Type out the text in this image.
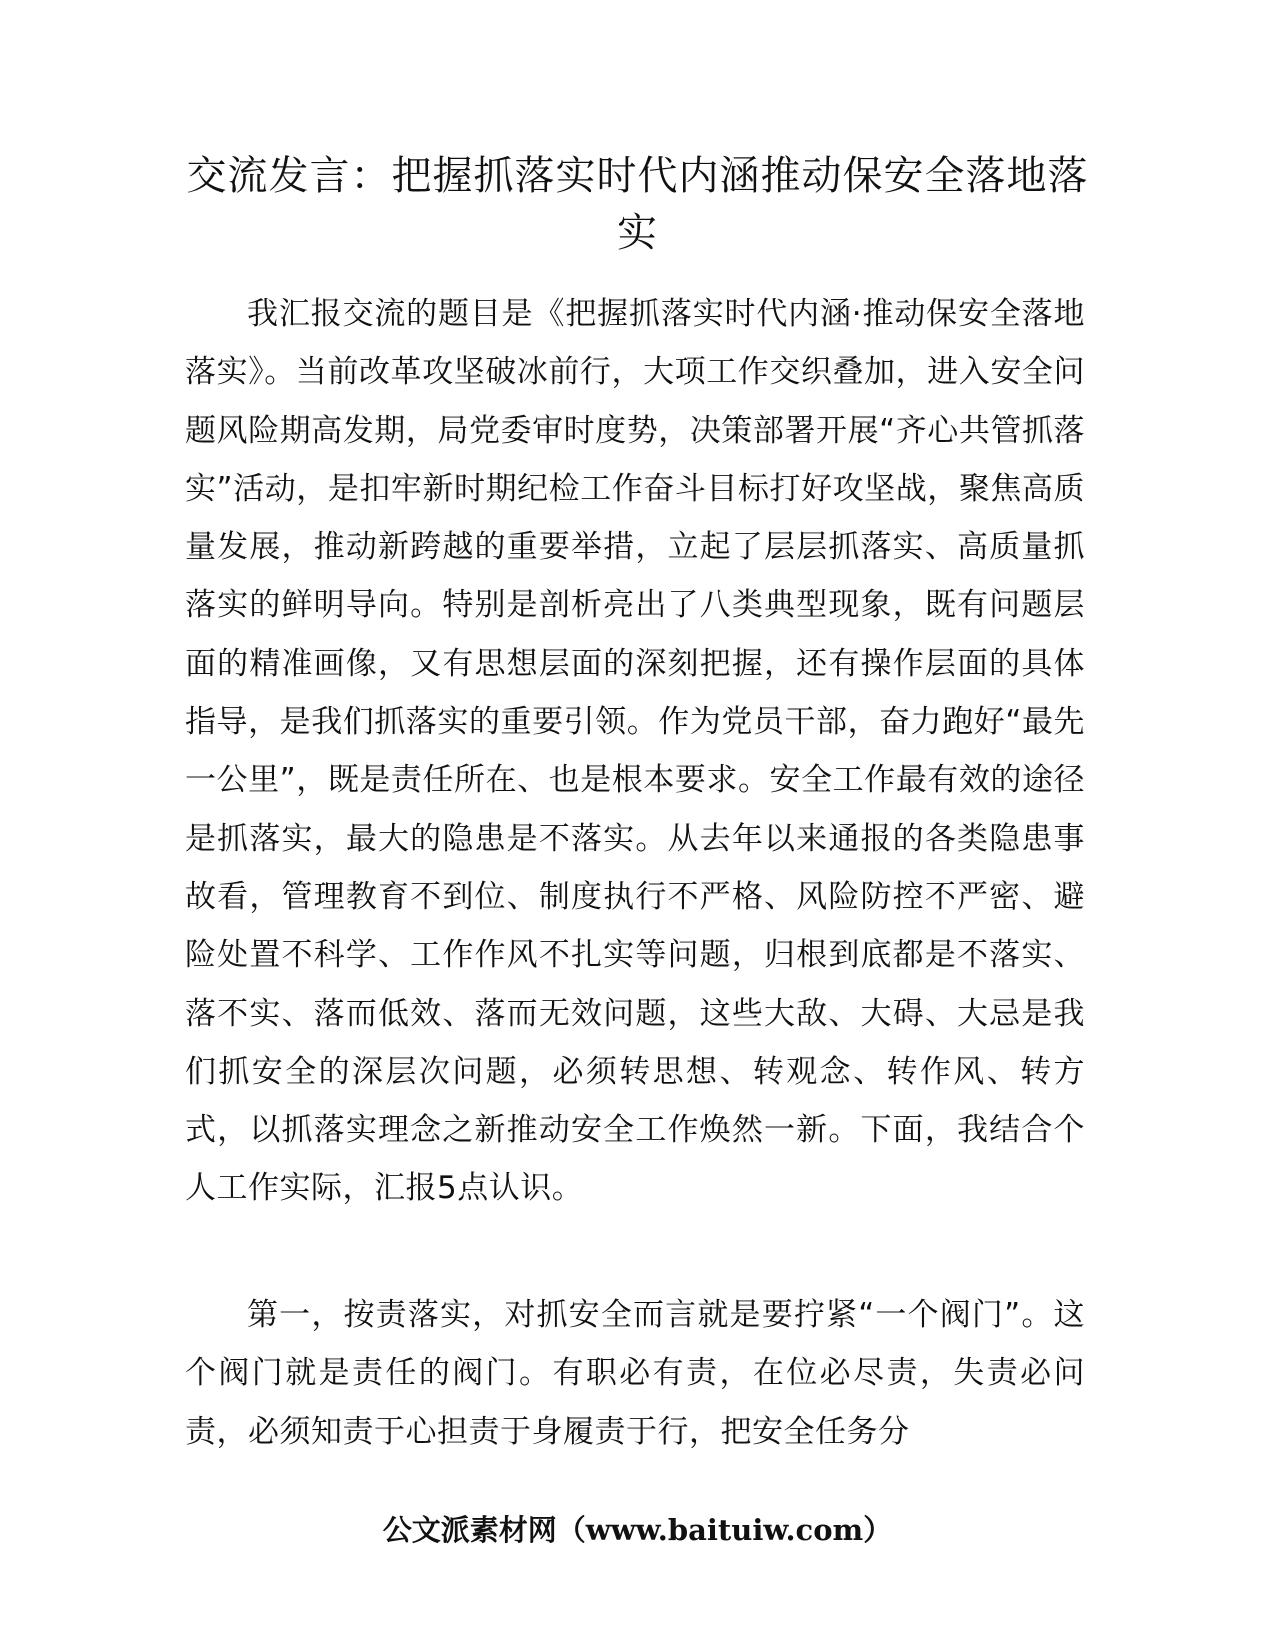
交流发言：把握抓落实时代内涵推动保安全落地落实

我汇报交流的题目是《把握抓落实时代内涵·推动保安全落地落实》。当前改革攻坚破冰前行，大项工作交织叠加，进入安全问题风险期高发期，局党委审时度势，决策部署开展“齐心共管抓落实”活动，是扣牢新时期纪检工作奋斗目标打好攻坚战，聚焦高质量发展，推动新跨越的重要举措，立起了层层抓落实、高质量抓落实的鲜明导向。特别是剖析亮出了八类典型现象，既有问题层面的精准画像，又有思想层面的深刻把握，还有操作层面的具体指导，是我们抓落实的重要引领。作为党员干部，奋力跑好“最先一公里”，既是责任所在、也是根本要求。安全工作最有效的途径是抓落实，最大的隐患是不落实。从去年以来通报的各类隐患事故看，管理教育不到位、制度执行不严格、风险防控不严密、避险处置不科学、工作作风不扎实等问题，归根到底都是不落实、落不实、落而低效、落而无效问题，这些大敌、大碍、大忌是我们抓安全的深层次问题，必须转思想、转观念、转作风、转方式，以抓落实理念之新推动安全工作焕然一新。下面，我结合个人工作实际，汇报5点认识。

第一，按责落实，对抓安全而言就是要拧紧“一个阀门”。这个阀门就是责任的阀门。有职必有责，在位必尽责，失责必问责，必须知责于心担责于身履责于行，把安全任务分

公文派素材网（www.baituiw.com）
